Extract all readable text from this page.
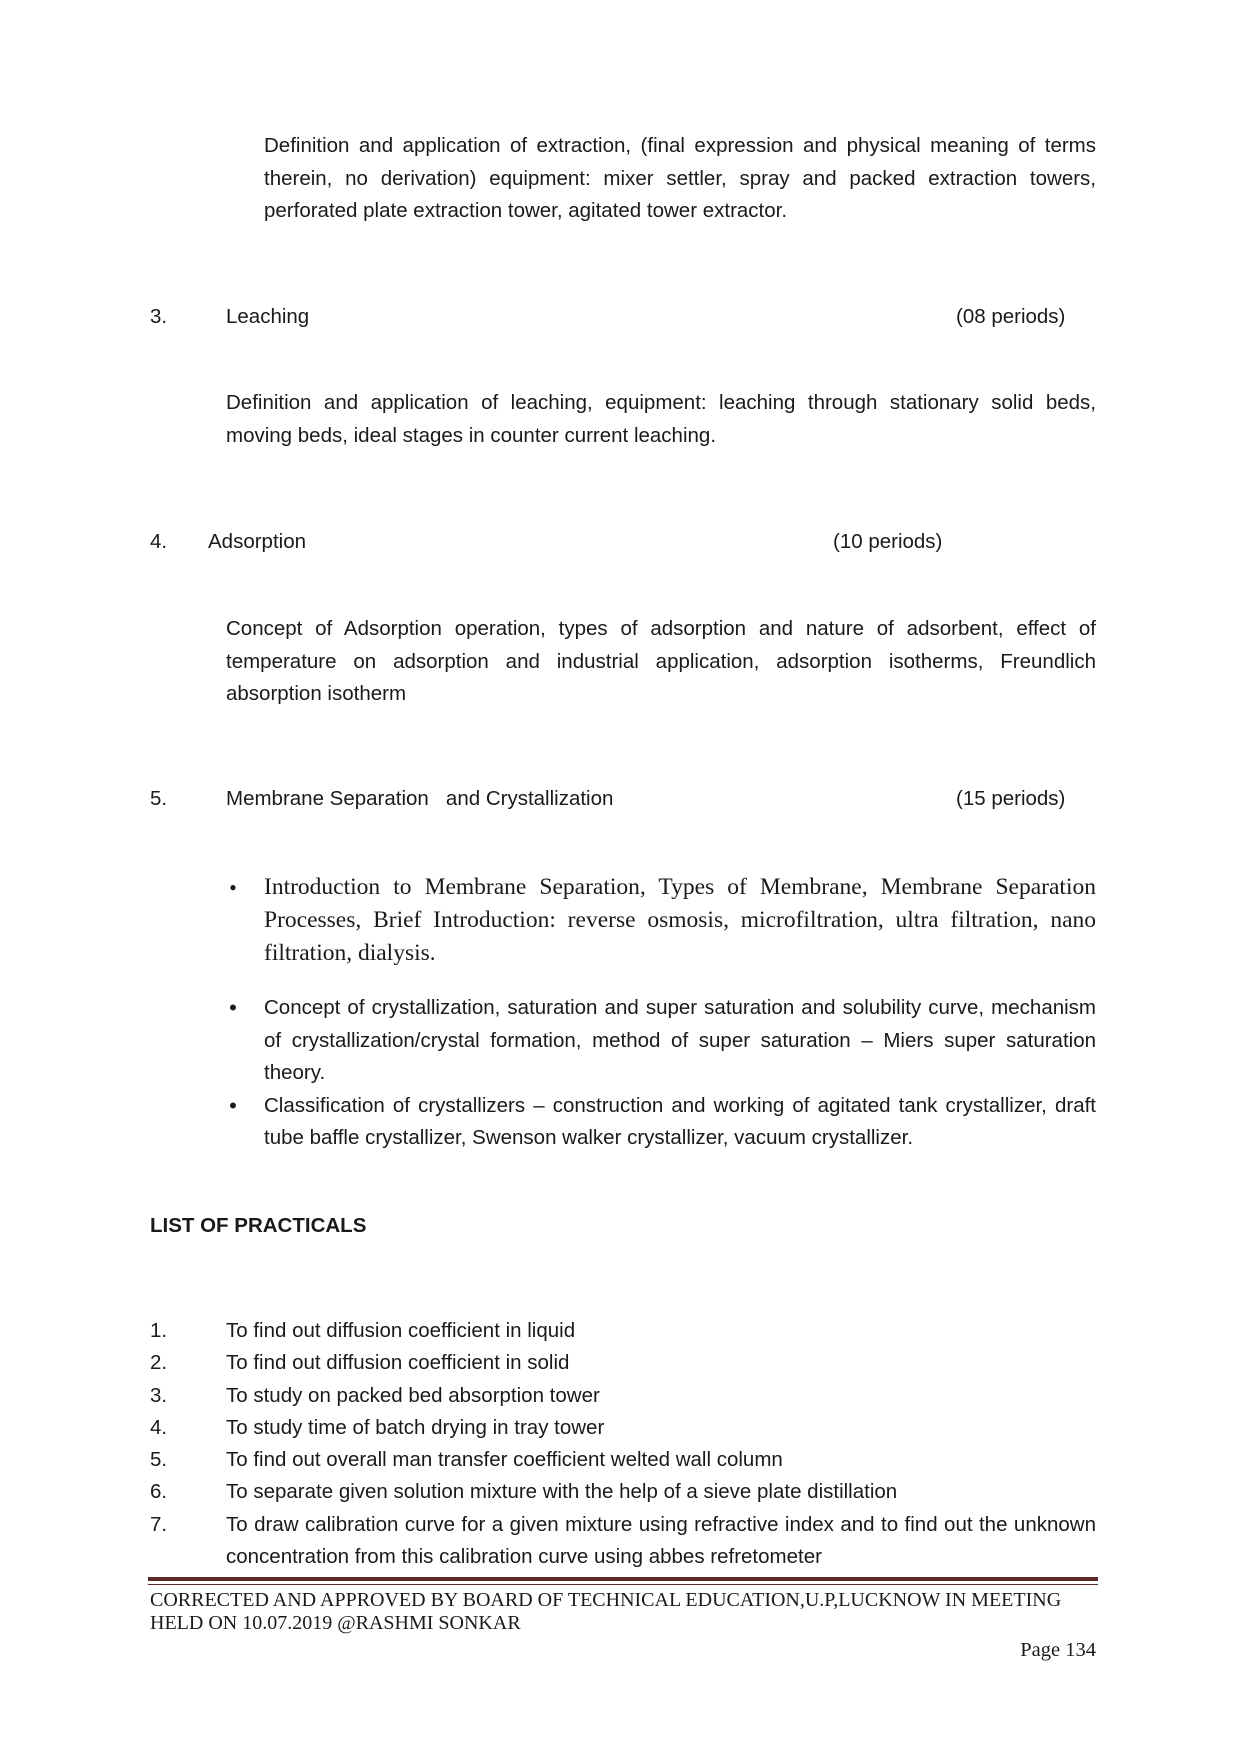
Definition and application of extraction, (final expression and physical meaning of terms therein, no derivation) equipment: mixer settler, spray and packed extraction towers, perforated plate extraction tower, agitated tower extractor.
3.	Leaching	(08 periods)
Definition and application of leaching, equipment: leaching through stationary solid beds, moving beds, ideal stages in counter current leaching.
4. Adsorption	(10 periods)
Concept of Adsorption operation, types of adsorption and nature of adsorbent, effect of temperature on adsorption and industrial application, adsorption isotherms, Freundlich absorption isotherm
5.	Membrane Separation   and Crystallization	(15 periods)
• Introduction to Membrane Separation, Types of Membrane, Membrane Separation Processes, Brief Introduction: reverse osmosis, microfiltration, ultra filtration, nano filtration, dialysis.
• Concept of crystallization, saturation and super saturation and solubility curve, mechanism of crystallization/crystal formation, method of super saturation – Miers super saturation theory.
• Classification of crystallizers – construction and working of agitated tank crystallizer, draft tube baffle crystallizer, Swenson walker crystallizer, vacuum crystallizer.
LIST OF PRACTICALS
1.	To find out diffusion coefficient in liquid
2.	To find out diffusion coefficient in solid
3.	To study on packed bed absorption tower
4.	To study time of batch drying in tray tower
5.	To find out overall man transfer coefficient welted wall column
6.	To separate given solution mixture with the help of a sieve plate distillation
7.	To draw calibration curve for a given mixture using refractive index and to find out the unknown concentration from this calibration curve using abbes refretometer
CORRECTED AND APPROVED BY BOARD OF TECHNICAL EDUCATION,U.P,LUCKNOW IN MEETING HELD ON 10.07.2019 @RASHMI SONKAR
Page 134
